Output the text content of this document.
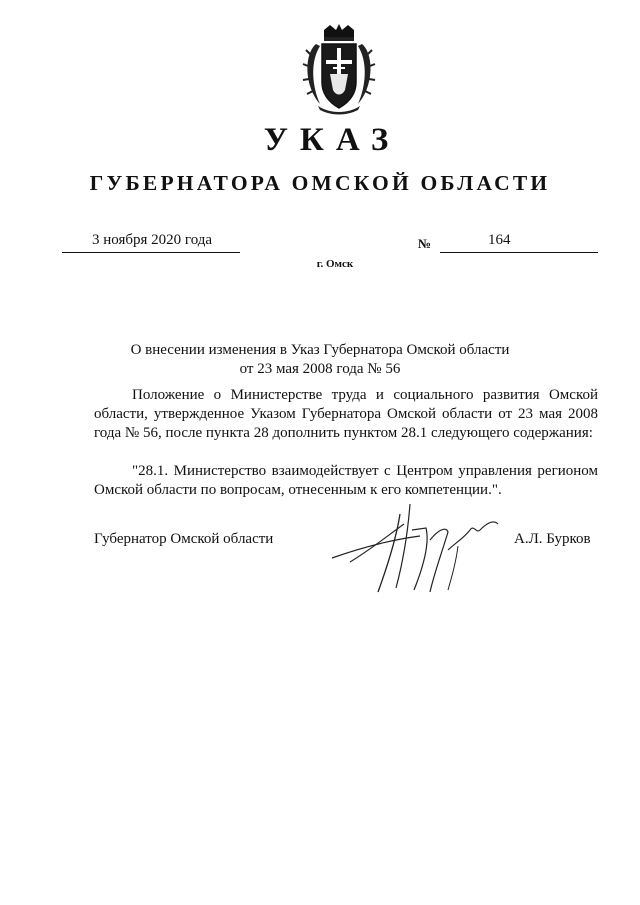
УКАЗ
ГУБЕРНАТОРА ОМСКОЙ ОБЛАСТИ
3 ноября 2020 года	№	164
г. Омск
О внесении изменения в Указ Губернатора Омской области
от 23 мая 2008 года № 56

Положение о Министерстве труда и социального развития Омской области, утвержденное Указом Губернатора Омской области от 23 мая 2008 года № 56, после пункта 28 дополнить пунктом 28.1 следующего содержания:

"28.1. Министерство взаимодействует с Центром управления регионом Омской области по вопросам, отнесенным к его компетенции.".

Губернатор Омской области	А.Л. Бурков
